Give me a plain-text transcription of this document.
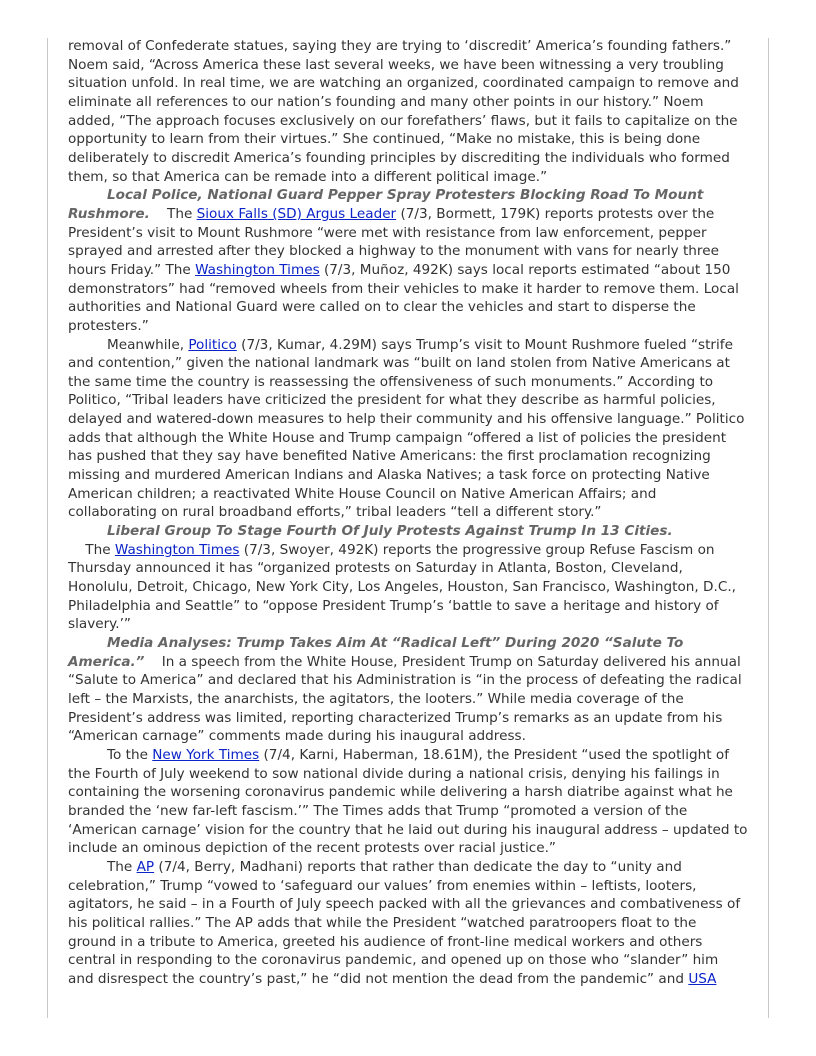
removal of Confederate statues, saying they are trying to ‘discredit’ America’s founding fathers.” Noem said, “Across America these last several weeks, we have been witnessing a very troubling situation unfold. In real time, we are watching an organized, coordinated campaign to remove and eliminate all references to our nation’s founding and many other points in our history.” Noem added, “The approach focuses exclusively on our forefathers’ flaws, but it fails to capitalize on the opportunity to learn from their virtues.” She continued, “Make no mistake, this is being done deliberately to discredit America’s founding principles by discrediting the individuals who formed them, so that America can be remade into a different political image.”

Local Police, National Guard Pepper Spray Protesters Blocking Road To Mount Rushmore.    The Sioux Falls (SD) Argus Leader (7/3, Bormett, 179K) reports protests over the President’s visit to Mount Rushmore “were met with resistance from law enforcement, pepper sprayed and arrested after they blocked a highway to the monument with vans for nearly three hours Friday.” The Washington Times (7/3, Muñoz, 492K) says local reports estimated “about 150 demonstrators” had “removed wheels from their vehicles to make it harder to remove them. Local authorities and National Guard were called on to clear the vehicles and start to disperse the protesters.”

Meanwhile, Politico (7/3, Kumar, 4.29M) says Trump’s visit to Mount Rushmore fueled “strife and contention,” given the national landmark was “built on land stolen from Native Americans at the same time the country is reassessing the offensiveness of such monuments.” According to Politico, “Tribal leaders have criticized the president for what they describe as harmful policies, delayed and watered-down measures to help their community and his offensive language.” Politico adds that although the White House and Trump campaign “offered a list of policies the president has pushed that they say have benefited Native Americans: the first proclamation recognizing missing and murdered American Indians and Alaska Natives; a task force on protecting Native American children; a reactivated White House Council on Native American Affairs; and collaborating on rural broadband efforts,” tribal leaders “tell a different story.”

Liberal Group To Stage Fourth Of July Protests Against Trump In 13 Cities.    The Washington Times (7/3, Swoyer, 492K) reports the progressive group Refuse Fascism on Thursday announced it has “organized protests on Saturday in Atlanta, Boston, Cleveland, Honolulu, Detroit, Chicago, New York City, Los Angeles, Houston, San Francisco, Washington, D.C., Philadelphia and Seattle” to “oppose President Trump’s ‘battle to save a heritage and history of slavery.’”

Media Analyses: Trump Takes Aim At “Radical Left” During 2020 “Salute To America.”    In a speech from the White House, President Trump on Saturday delivered his annual “Salute to America” and declared that his Administration is “in the process of defeating the radical left – the Marxists, the anarchists, the agitators, the looters.” While media coverage of the President’s address was limited, reporting characterized Trump’s remarks as an update from his “American carnage” comments made during his inaugural address.

To the New York Times (7/4, Karni, Haberman, 18.61M), the President “used the spotlight of the Fourth of July weekend to sow national divide during a national crisis, denying his failings in containing the worsening coronavirus pandemic while delivering a harsh diatribe against what he branded the ‘new far-left fascism.’” The Times adds that Trump “promoted a version of the ‘American carnage’ vision for the country that he laid out during his inaugural address – updated to include an ominous depiction of the recent protests over racial justice.”

The AP (7/4, Berry, Madhani) reports that rather than dedicate the day to “unity and celebration,” Trump “vowed to ‘safeguard our values’ from enemies within – leftists, looters, agitators, he said – in a Fourth of July speech packed with all the grievances and combativeness of his political rallies.” The AP adds that while the President “watched paratroopers float to the ground in a tribute to America, greeted his audience of front-line medical workers and others central in responding to the coronavirus pandemic, and opened up on those who “slander” him and disrespect the country’s past,” he “did not mention the dead from the pandemic” and USA
